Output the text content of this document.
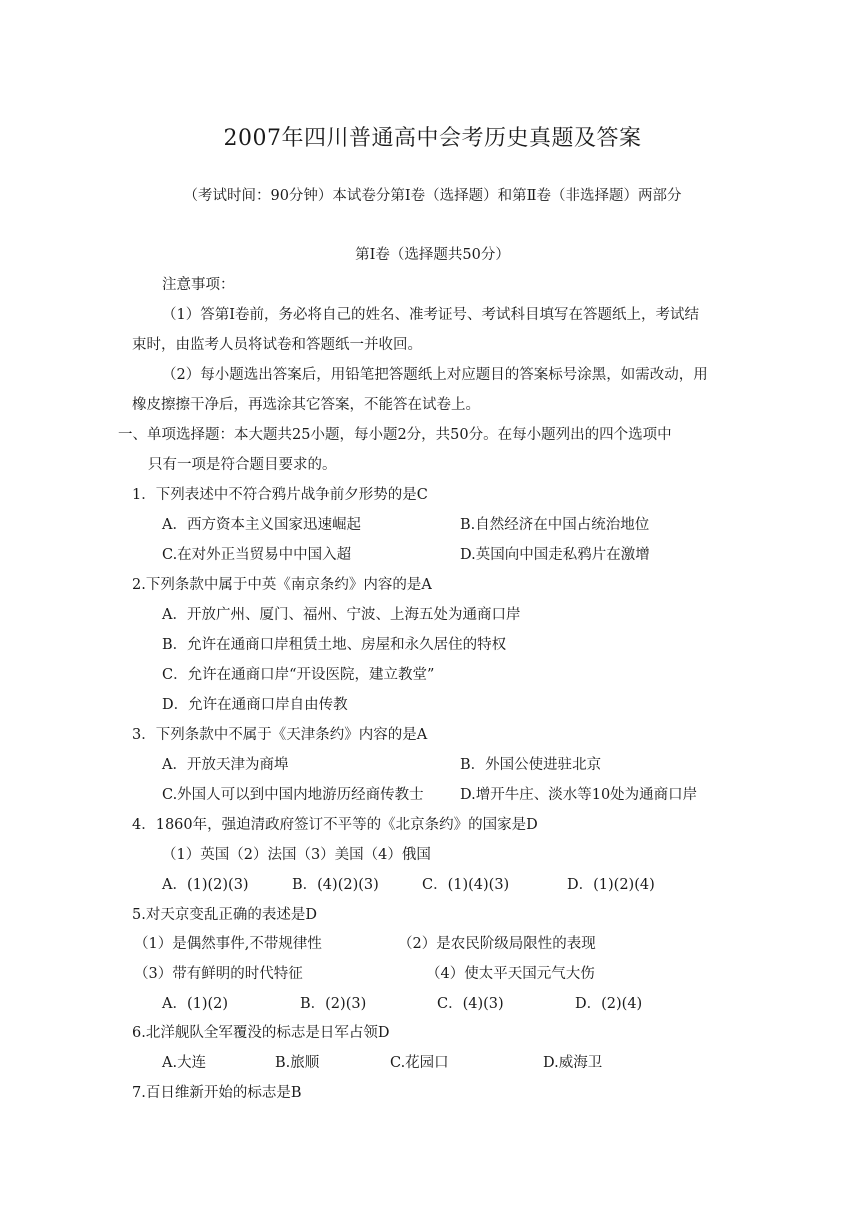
2007年四川普通高中会考历史真题及答案
（考试时间：90分钟）本试卷分第Ⅰ卷（选择题）和第Ⅱ卷（非选择题）两部分
第Ⅰ卷（选择题共50分）
注意事项：
（1）答第Ⅰ卷前，务必将自己的姓名、准考证号、考试科目填写在答题纸上，考试结
束时，由监考人员将试卷和答题纸一并收回。
（2）每小题选出答案后，用铅笔把答题纸上对应题目的答案标号涂黑，如需改动，用
橡皮擦擦干净后，再选涂其它答案，不能答在试卷上。
一、单项选择题：本大题共25小题，每小题2分，共50分。在每小题列出的四个选项中
只有一项是符合题目要求的。
1．下列表述中不符合鸦片战争前夕形势的是C
A．西方资本主义国家迅速崛起	B.自然经济在中国占统治地位
C.在对外正当贸易中中国入超	D.英国向中国走私鸦片在激增
2.下列条款中属于中英《南京条约》内容的是A
A．开放广州、厦门、福州、宁波、上海五处为通商口岸
B．允许在通商口岸租赁土地、房屋和永久居住的特权
C．允许在通商口岸“开设医院，建立教堂”
D．允许在通商口岸自由传教
3．下列条款中不属于《天津条约》内容的是A
A．开放天津为商埠	B．外国公使进驻北京
C.外国人可以到中国内地游历经商传教士	D.增开牛庄、淡水等10处为通商口岸
4．1860年，强迫清政府签订不平等的《北京条约》的国家是D
（1）英国（2）法国（3）美国（4）俄国
A．(1)(2)(3)	B．(4)(2)(3)	C．(1)(4)(3)	D．(1)(2)(4)
5.对天京变乱正确的表述是D
（1）是偶然事件,不带规律性	（2）是农民阶级局限性的表现
（3）带有鲜明的时代特征	（4）使太平天国元气大伤
A．(1)(2)	B．(2)(3)	C．(4)(3)	D．(2)(4)
6.北洋舰队全军覆没的标志是日军占领D
A.大连	B.旅顺	C.花园口	D.威海卫
7.百日维新开始的标志是B
